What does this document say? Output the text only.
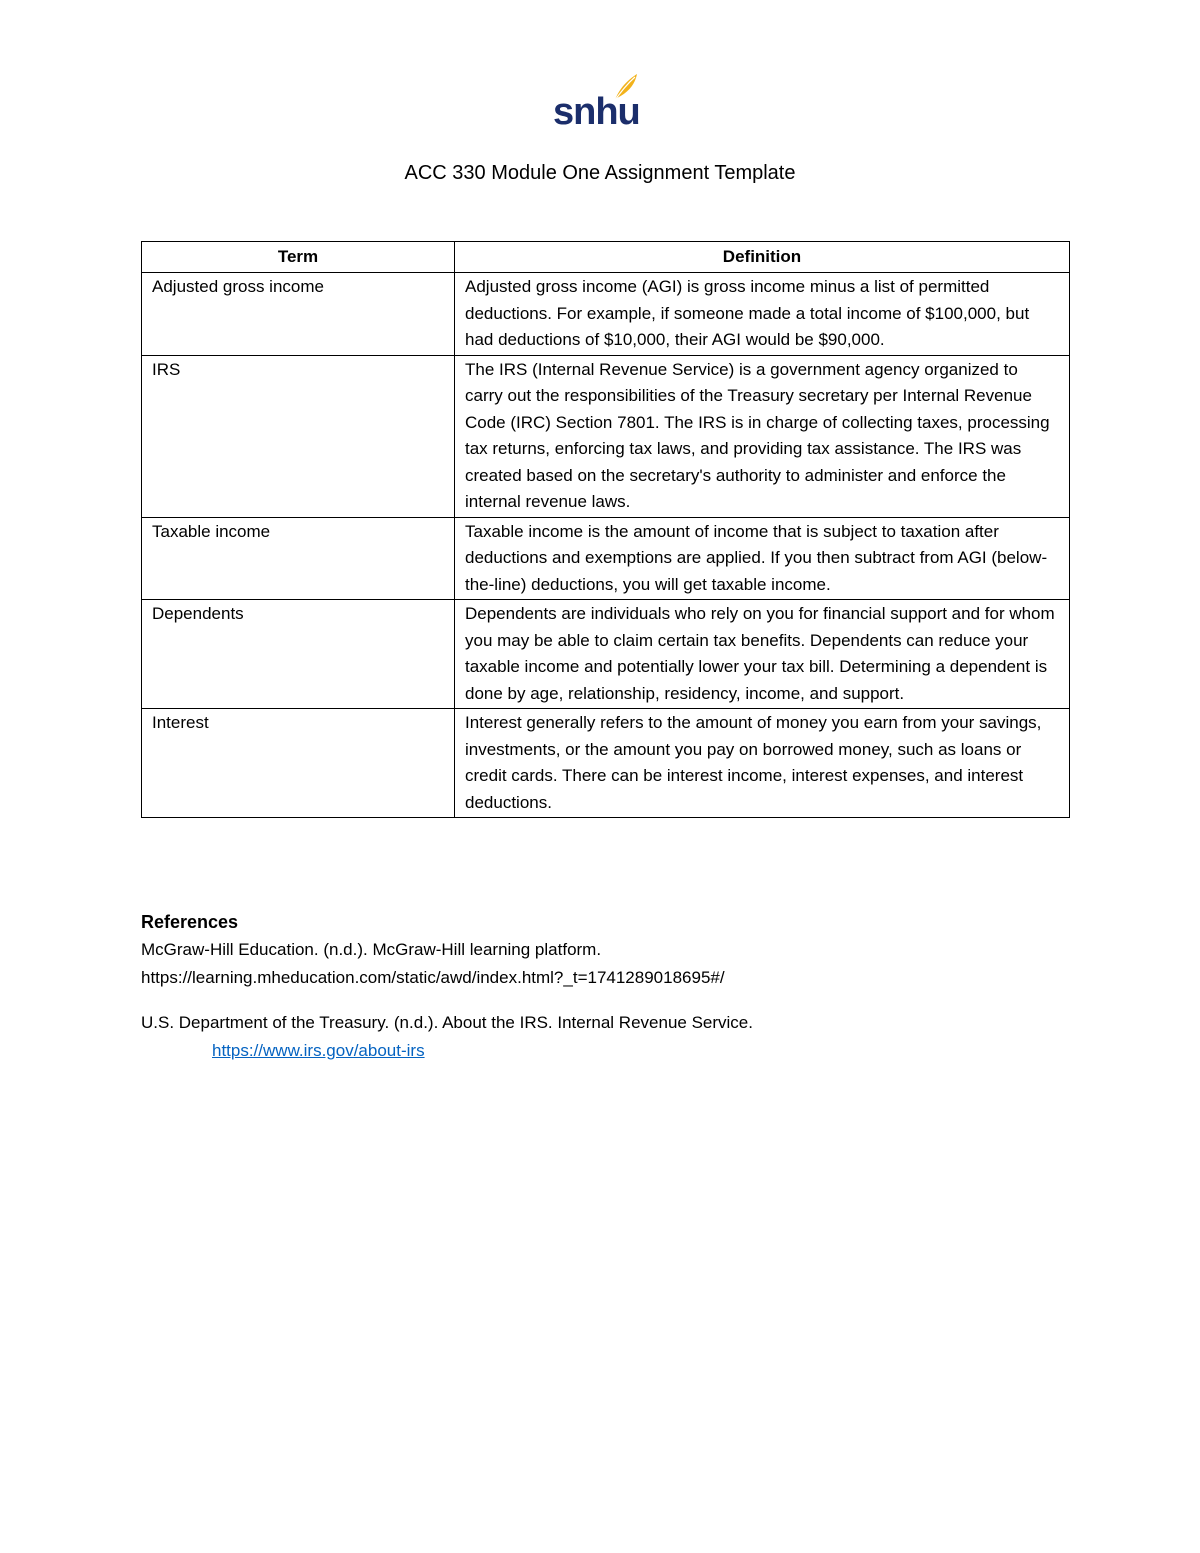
snhu
ACC 330 Module One Assignment Template
Term	Definition
Adjusted gross income	Adjusted gross income (AGI) is gross income minus a list of permitted deductions. For example, if someone made a total income of $100,000, but had deductions of $10,000, their AGI would be $90,000.
IRS	The IRS (Internal Revenue Service) is a government agency organized to carry out the responsibilities of the Treasury secretary per Internal Revenue Code (IRC) Section 7801. The IRS is in charge of collecting taxes, processing tax returns, enforcing tax laws, and providing tax assistance. The IRS was created based on the secretary's authority to administer and enforce the internal revenue laws.
Taxable income	Taxable income is the amount of income that is subject to taxation after deductions and exemptions are applied. If you then subtract from AGI (below-the-line) deductions, you will get taxable income.
Dependents	Dependents are individuals who rely on you for financial support and for whom you may be able to claim certain tax benefits. Dependents can reduce your taxable income and potentially lower your tax bill. Determining a dependent is done by age, relationship, residency, income, and support.
Interest	Interest generally refers to the amount of money you earn from your savings, investments, or the amount you pay on borrowed money, such as loans or credit cards. There can be interest income, interest expenses, and interest deductions.
References

McGraw-Hill Education. (n.d.). McGraw-Hill learning platform.

https://learning.mheducation.com/static/awd/index.html?_t=1741289018695#/

U.S. Department of the Treasury. (n.d.). About the IRS. Internal Revenue Service.

https://www.irs.gov/about-irs
